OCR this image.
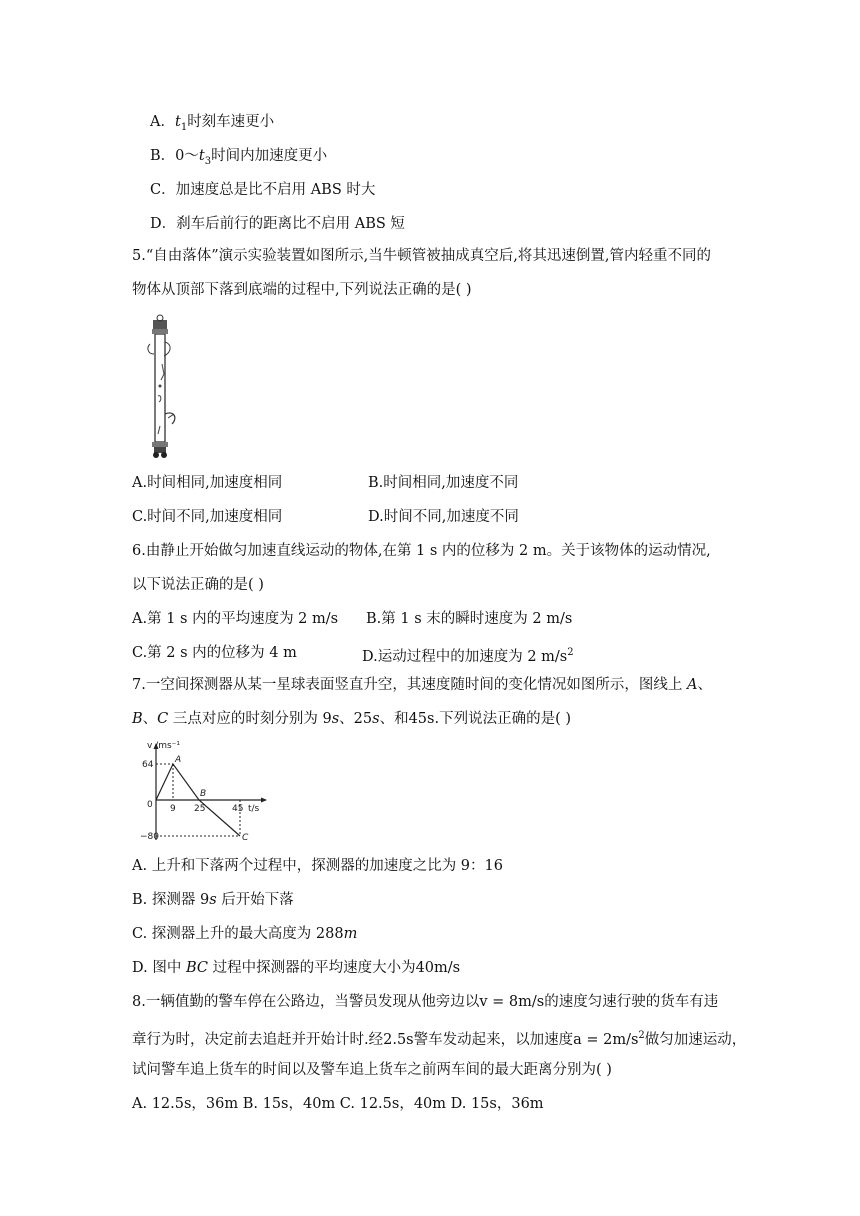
A．$t_1$时刻车速更小
B．$0\sim t_3$时间内加速度更小
C．加速度总是比不启用 ABS 时大
D．刹车后前行的距离比不启用 ABS 短
5.“自由落体”演示实验装置如图所示,当牛顿管被抽成真空后,将其迅速倒置,管内轻重不同的
物体从顶部下落到底端的过程中,下列说法正确的是( )
A.时间相同,加速度相同	B.时间相同,加速度不同
C.时间不同,加速度相同	D.时间不同,加速度不同
6.由静止开始做匀加速直线运动的物体,在第 1 s 内的位移为 2 m。关于该物体的运动情况,
以下说法正确的是( )
A.第 1 s 内的平均速度为 2 m/s B.第 1 s 末的瞬时速度为 2 m/s
C.第 2 s 内的位移为 4 m	D.运动过程中的加速度为 2 $m/s^2$
7.一空间探测器从某一星球表面竖直升空，其速度随时间的变化情况如图所示，图线上 A、
B、C 三点对应的时刻分别为 9s、25s、和45s.下列说法正确的是( )
v /ms⁻¹
64
0
−80
9 25	45 t/s
A
B
C
A. 上升和下落两个过程中，探测器的加速度之比为 9：16
B. 探测器 9s 后开始下落
C. 探测器上升的最大高度为 288m
D. 图中 BC 过程中探测器的平均速度大小为40m/s
8.一辆值勤的警车停在公路边，当警员发现从他旁边以v = 8m/s的速度匀速行驶的货车有违
章行为时，决定前去追赶并开始计时.经2.5s警车发动起来，以加速度$a = 2m/s^2$做匀加速运动，
试问警车追上货车的时间以及警车追上货车之前两车间的最大距离分别为( )
A. 12.5s，36m B. 15s，40m C. 12.5s，40m D. 15s，36m
